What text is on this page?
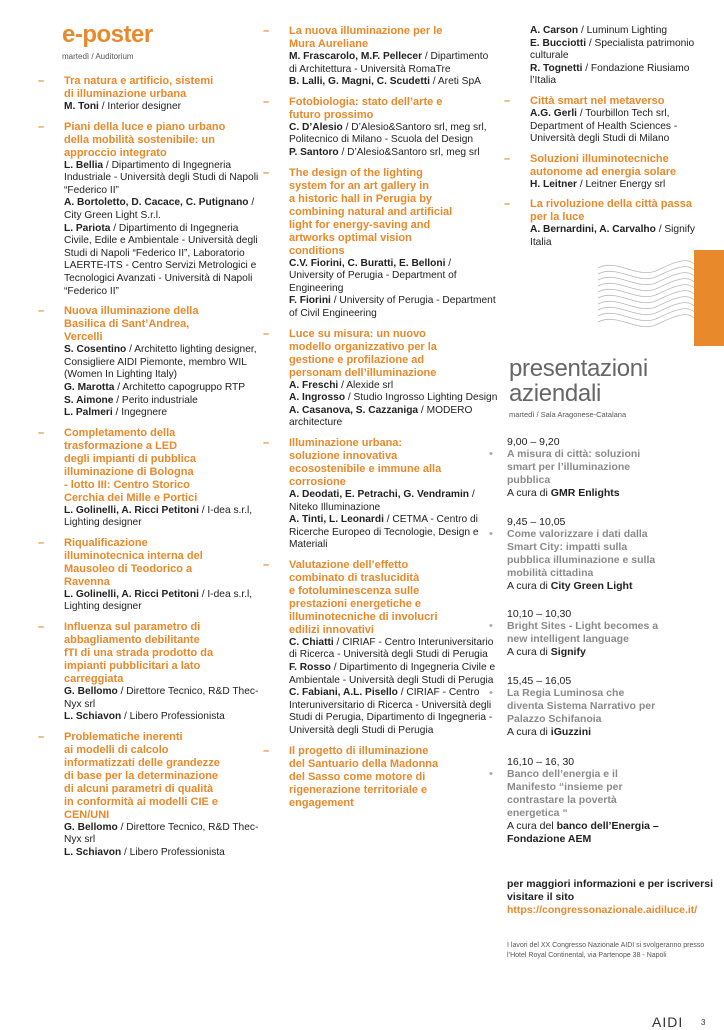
e-poster
martedì / Auditorium
– Tra natura e artificio, sistemi
di illuminazione urbana
M. Toni / Interior designer
– Piani della luce e piano urbano
della mobilità sostenibile: un
approccio integrato
L. Bellia / Dipartimento di Ingegneria Industriale - Università degli Studi di Napoli “Federico II”
A. Bortoletto, D. Cacace, C. Putignano / City Green Light S.r.l.
L. Pariota / Dipartimento di Ingegneria Civile, Edile e Ambientale - Università degli Studi di Napoli “Federico II”, Laboratorio LAERTE-ITS - Centro Servizi Metrologici e Tecnologici Avanzati - Università di Napoli “Federico II”
– Nuova illuminazione della
Basilica di Sant’Andrea,
Vercelli
S. Cosentino / Architetto lighting designer, Consigliere AIDI Piemonte, membro WIL (Women In Lighting Italy)
G. Marotta / Architetto capogruppo RTP
S. Aimone / Perito industriale
L. Palmeri / Ingegnere
– Completamento della
trasformazione a LED
degli impianti di pubblica
illuminazione di Bologna
- lotto III: Centro Storico
Cerchia dei Mille e Portici
L. Golinelli, A. Ricci Petitoni / I-dea s.r.l, Lighting designer
– Riqualificazione
illuminotecnica interna del
Mausoleo di Teodorico a
Ravenna
L. Golinelli, A. Ricci Petitoni / I-dea s.r.l, Lighting designer
– Influenza sul parametro di
abbagliamento debilitante
fTI di una strada prodotto da
impianti pubblicitari a lato
carreggiata
G. Bellomo / Direttore Tecnico, R&D Thec-Nyx srl
L. Schiavon / Libero Professionista
– Problematiche inerenti
ai modelli di calcolo
informatizzati delle grandezze
di base per la determinazione
di alcuni parametri di qualità
in conformità ai modelli CIE e
CEN/UNI
G. Bellomo / Direttore Tecnico, R&D Thec-Nyx srl
L. Schiavon / Libero Professionista
– La nuova illuminazione per le
Mura Aureliane
M. Frascarolo, M.F. Pellecer / Dipartimento di Architettura - Università RomaTre
B. Lalli, G. Magni, C. Scudetti / Areti SpA
– Fotobiologia: stato dell’arte e
futuro prossimo
C. D’Alesio / D’Alesio&Santoro srl, meg srl, Politecnico di Milano - Scuola del Design
P. Santoro / D’Alesio&Santoro srl, meg srl
– The design of the lighting
system for an art gallery in
a historic hall in Perugia by
combining natural and artificial
light for energy-saving and
artworks optimal vision
conditions
C.V. Fiorini, C. Buratti, E. Belloni / University of Perugia - Department of Engineering
F. Fiorini / University of Perugia - Department of Civil Engineering
– Luce su misura: un nuovo
modello organizzativo per la
gestione e profilazione ad
personam dell’illuminazione
A. Freschi / Alexide srl
A. Ingrosso / Studio Ingrosso Lighting Design
A. Casanova, S. Cazzaniga / MODERO architecture
– Illuminazione urbana:
soluzione innovativa
ecosostenibile e immune alla
corrosione
A. Deodati, E. Petrachi, G. Vendramin / Niteko Illuminazione
A. Tinti, L. Leonardi / CETMA - Centro di Ricerche Europeo di Tecnologie, Design e Materiali
– Valutazione dell’effetto
combinato di traslucidità
e fotoluminescenza sulle
prestazioni energetiche e
illuminotecniche di involucri
edilizi innovativi
C. Chiatti / CIRIAF - Centro Interuniversitario di Ricerca - Università degli Studi di Perugia
F. Rosso / Dipartimento di Ingegneria Civile e Ambientale - Università degli Studi di Perugia
C. Fabiani, A.L. Pisello / CIRIAF - Centro Interuniversitario di Ricerca - Università degli Studi di Perugia, Dipartimento di Ingegneria - Università degli Studi di Perugia
– Il progetto di illuminazione
del Santuario della Madonna
del Sasso come motore di
rigenerazione territoriale e
engagement
A. Carson / Luminum Lighting
E. Bucciotti / Specialista patrimonio culturale
R. Tognetti / Fondazione Riusiamo l’Italia
– Città smart nel metaverso
A.G. Gerli / Tourbillon Tech srl, Department of Health Sciences - Università degli Studi di Milano
– Soluzioni illuminotecniche
autonome ad energia solare
H. Leitner / Leitner Energy srl
– La rivoluzione della città passa
per la luce
A. Bernardini, A. Carvalho / Signify Italia
presentazioni
aziendali
martedì / Sala Aragonese-Catalana
9,00 – 9,20
• A misura di città: soluzioni
smart per l’illuminazione
pubblica
A cura di GMR Enlights
9,45 – 10,05
• Come valorizzare i dati dalla
Smart City: impatti sulla
pubblica illuminazione e sulla
mobilità cittadina
A cura di City Green Light
10,10 – 10,30
• Bright Sites - Light becomes a
new intelligent language
A cura di Signify
15,45 – 16,05
• La Regia Luminosa che
diventa Sistema Narrativo per
Palazzo Schifanoia
A cura di iGuzzini
16,10 – 16, 30
• Banco dell’energia e il
Manifesto “insieme per
contrastare la povertà
energetica “
A cura del banco dell’Energia – Fondazione AEM
per maggiori informazioni e per iscriversi visitare il sito
https://congressonazionale.aidiluce.it/
I lavori del XX Congresso Nazionale AIDI si svolgeranno presso l’Hotel Royal Continental, via Partenope 38 - Napoli
AIDI 3
